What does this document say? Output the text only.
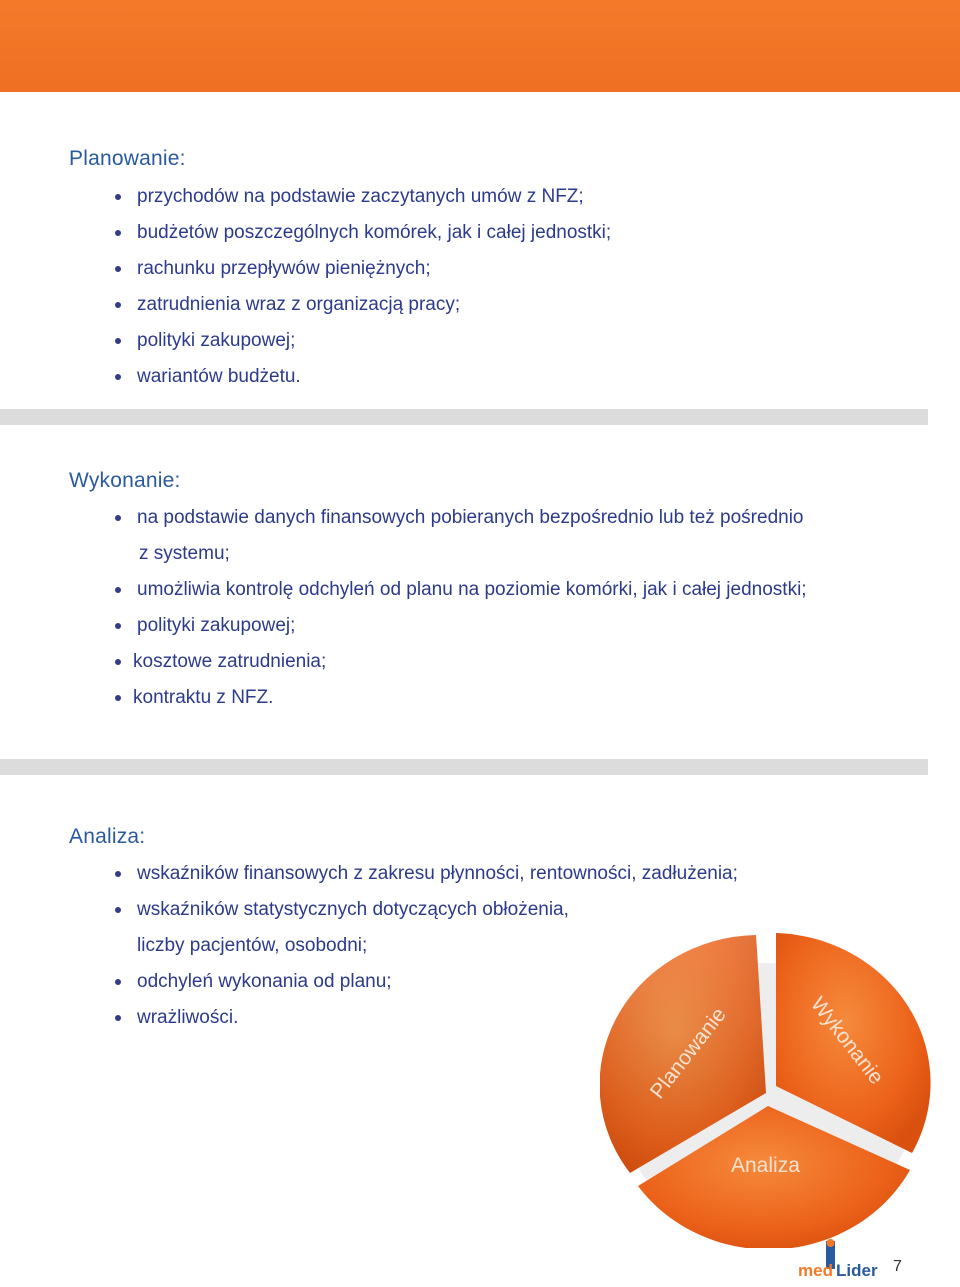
Planowanie:
przychodów na podstawie zaczytanych umów z NFZ;
budżetów poszczególnych komórek, jak i całej jednostki;
rachunku przepływów pieniężnych;
zatrudnienia wraz z organizacją pracy;
polityki zakupowej;
wariantów budżetu.
Wykonanie:
na podstawie danych finansowych pobieranych bezpośrednio lub też pośrednio
z systemu;
umożliwia kontrolę odchyleń od planu na poziomie komórki, jak i całej jednostki;
polityki zakupowej;
kosztowe zatrudnienia;
kontraktu z NFZ.
Analiza:
wskaźników finansowych z zakresu płynności, rentowności, zadłużenia;
wskaźników statystycznych dotyczących obłożenia,
liczby pacjentów, osobodni;
odchyleń wykonania od planu;
wrażliwości.	Planowanie	Wykonanie
Analiza
med Lider 7
